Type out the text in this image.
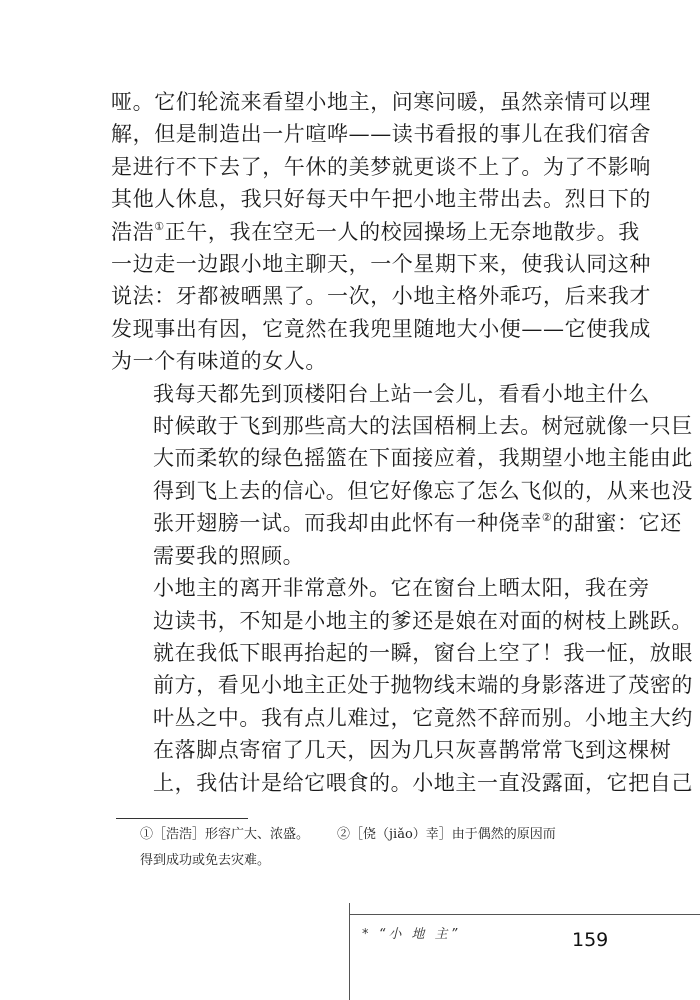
哑。它们轮流来看望小地主，问寒问暖，虽然亲情可以理
解，但是制造出一片喧哗——读书看报的事儿在我们宿舍
是进行不下去了，午休的美梦就更谈不上了。为了不影响
其他人休息，我只好每天中午把小地主带出去。烈日下的
浩浩①正午，我在空无一人的校园操场上无奈地散步。我
一边走一边跟小地主聊天，一个星期下来，使我认同这种
说法：牙都被晒黑了。一次，小地主格外乖巧，后来我才
发现事出有因，它竟然在我兜里随地大小便——它使我成
为一个有味道的女人。

我每天都先到顶楼阳台上站一会儿，看看小地主什么
时候敢于飞到那些高大的法国梧桐上去。树冠就像一只巨
大而柔软的绿色摇篮在下面接应着，我期望小地主能由此
得到飞上去的信心。但它好像忘了怎么飞似的，从来也没
张开翅膀一试。而我却由此怀有一种侥幸②的甜蜜：它还
需要我的照顾。

小地主的离开非常意外。它在窗台上晒太阳，我在旁
边读书，不知是小地主的爹还是娘在对面的树枝上跳跃。
就在我低下眼再抬起的一瞬，窗台上空了！我一怔，放眼
前方，看见小地主正处于抛物线末端的身影落进了茂密的
叶丛之中。我有点儿难过，它竟然不辞而别。小地主大约
在落脚点寄宿了几天，因为几只灰喜鹊常常飞到这棵树
上，我估计是给它喂食的。小地主一直没露面，它把自己

①［浩浩］形容广大、浓盛。 ②［侥（jiǎo）幸］由于偶然的原因而
得到成功或免去灾难。
* “小 地 主”	159
